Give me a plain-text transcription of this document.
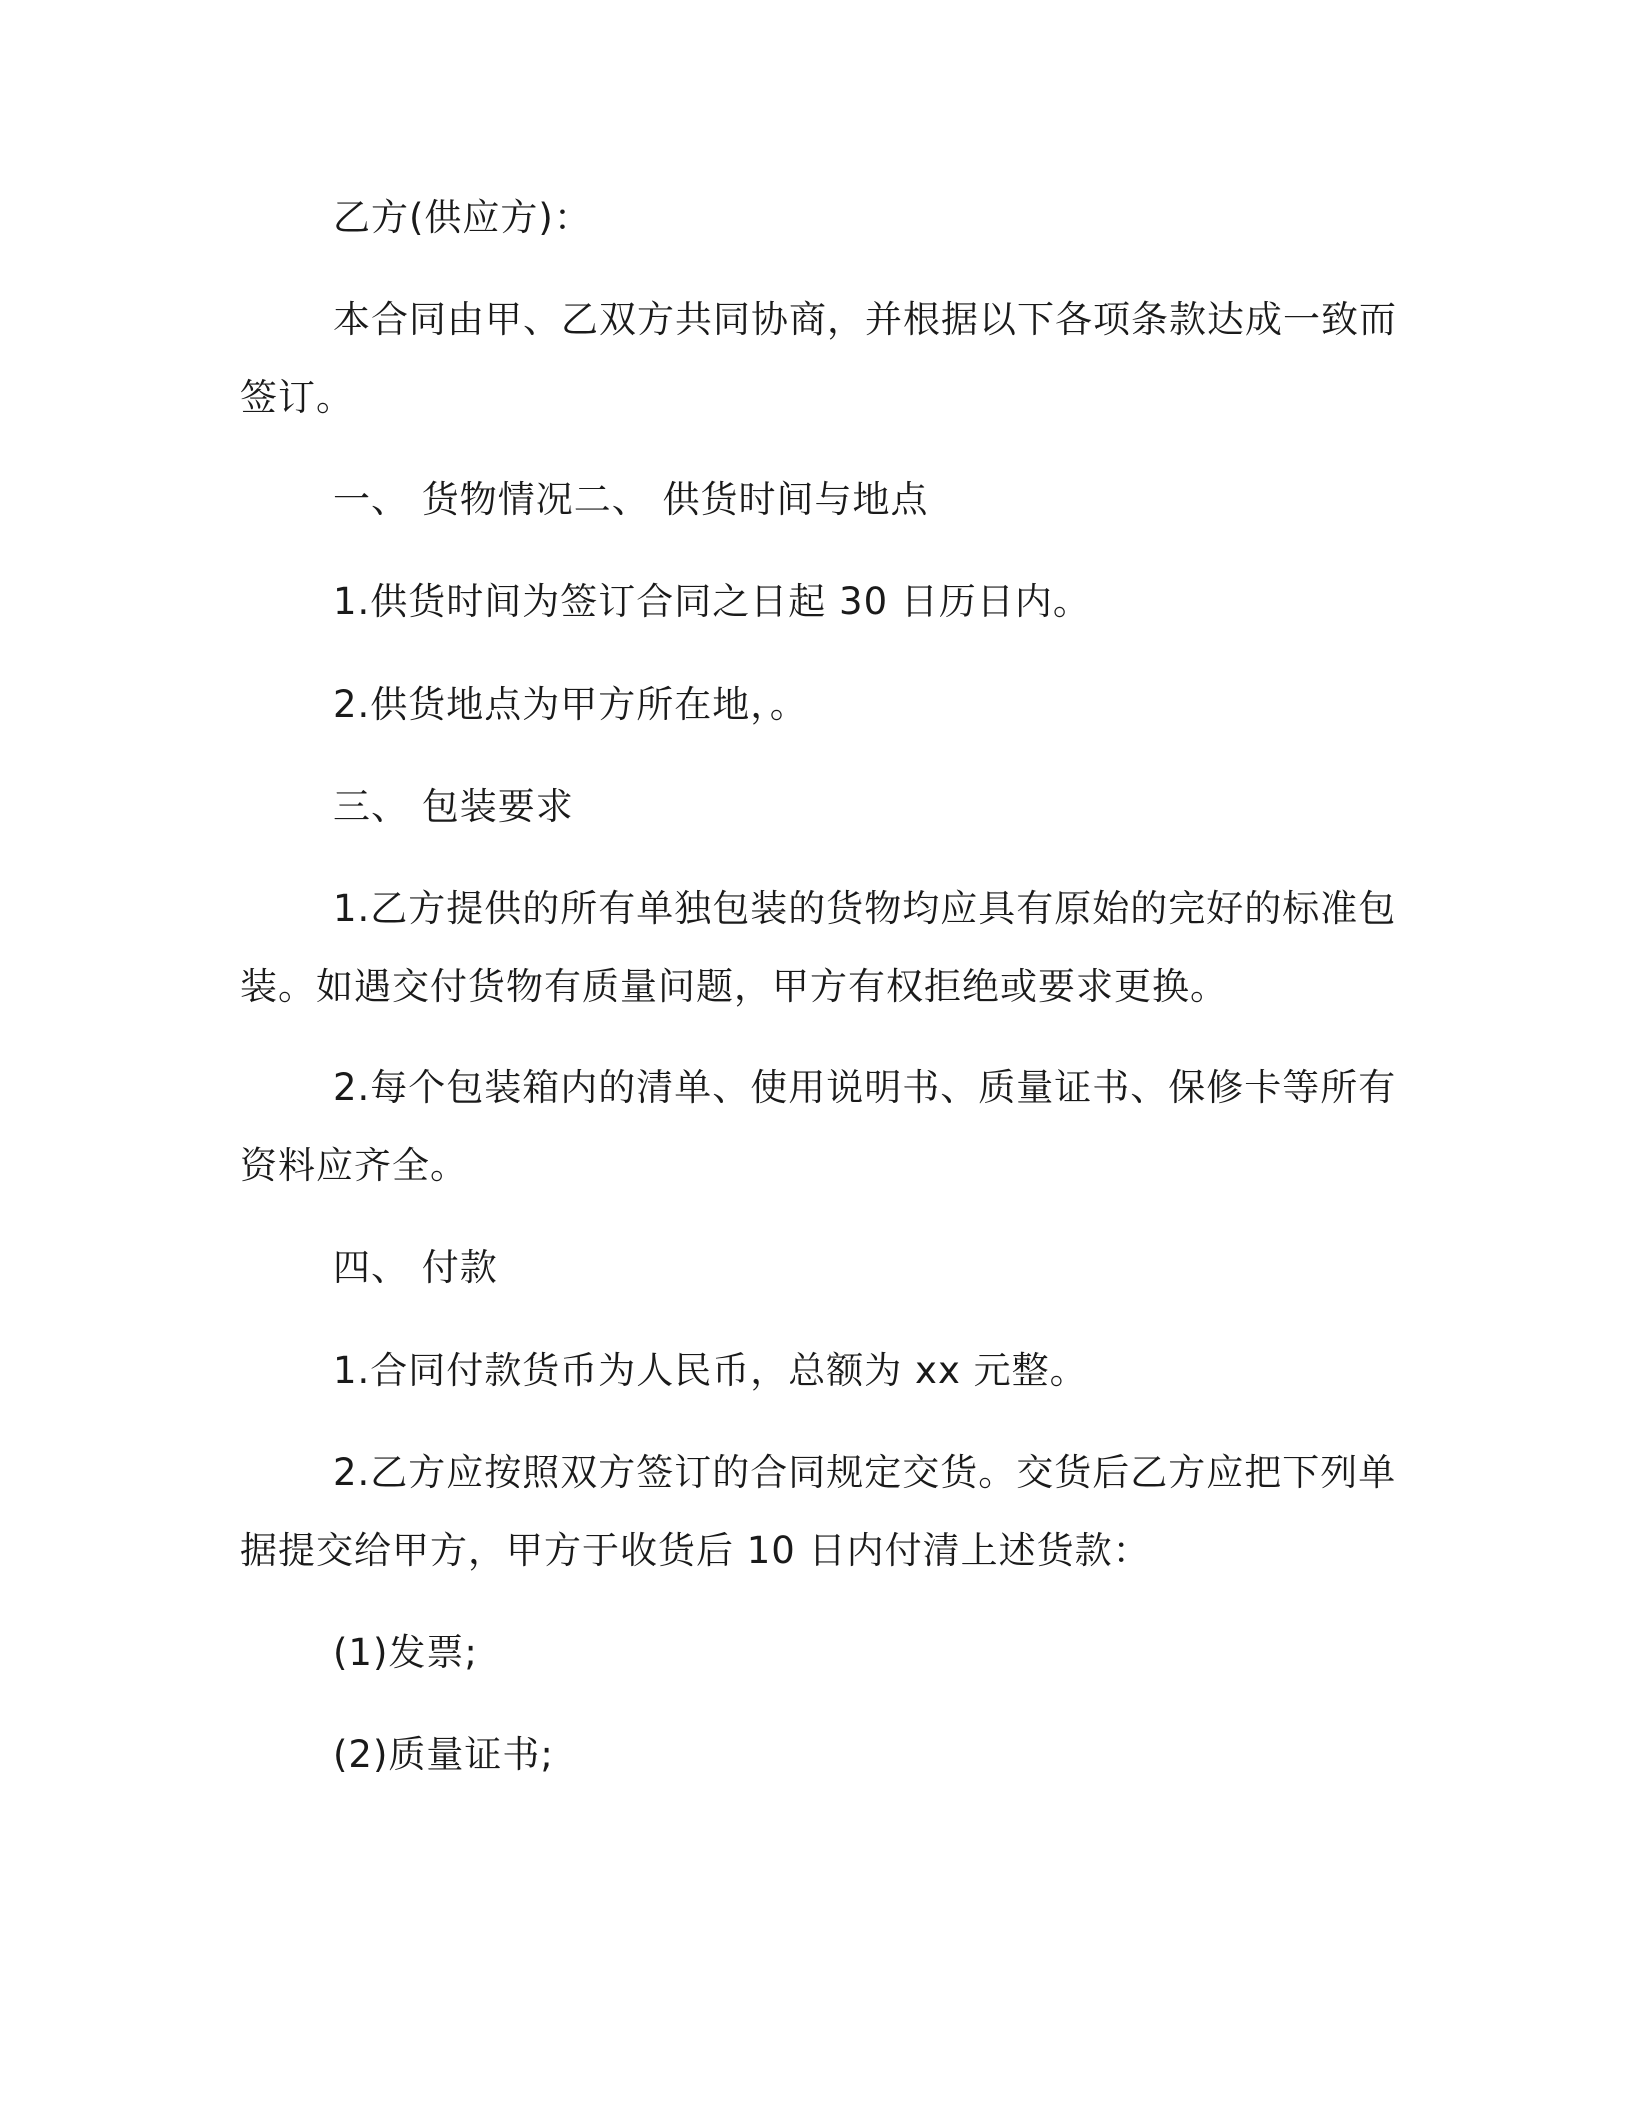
乙方(供应方)：
本合同由甲、乙双方共同协商，并根据以下各项条款达成一致而
签订。
一、 货物情况二、 供货时间与地点
1.供货时间为签订合同之日起 30 日历日内。
2.供货地点为甲方所在地，。
三、 包装要求
1.乙方提供的所有单独包装的货物均应具有原始的完好的标准包
装。如遇交付货物有质量问题，甲方有权拒绝或要求更换。
2.每个包装箱内的清单、使用说明书、质量证书、保修卡等所有
资料应齐全。
四、 付款
1.合同付款货币为人民币，总额为 xx 元整。
2.乙方应按照双方签订的合同规定交货。交货后乙方应把下列单
据提交给甲方，甲方于收货后 10 日内付清上述货款：
(1)发票;
(2)质量证书;
